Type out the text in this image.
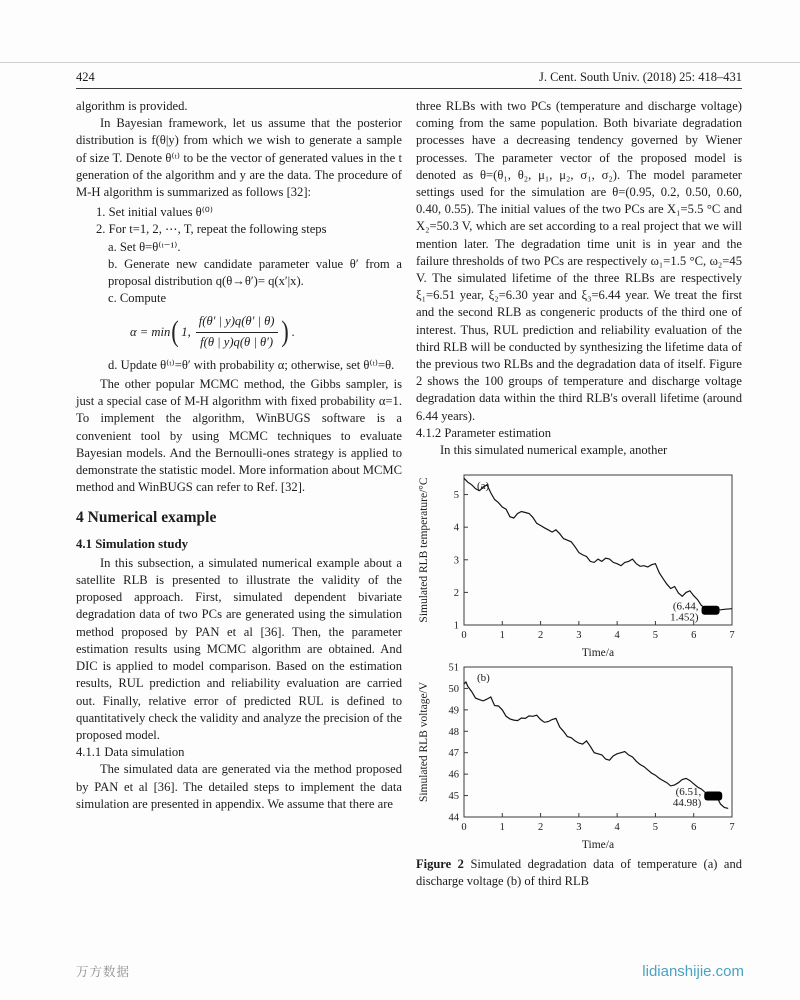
424	J. Cent. South Univ. (2018) 25: 418–431

algorithm is provided.

In Bayesian framework, let us assume that the posterior distribution is f(θ|y) from which we wish to generate a sample of size T. Denote θ⁽ᵗ⁾ to be the vector of generated values in the t generation of the algorithm and y are the data. The procedure of M-H algorithm is summarized as follows [32]:

1. Set initial values θ⁽⁰⁾
2. For t=1, 2, ⋯, T, repeat the following steps
a. Set θ=θ⁽ᵗ⁻¹⁾.
b. Generate new candidate parameter value θ′ from a proposal distribution q(θ→θ′)= q(x′|x).
c. Compute
α = min ( 1, $\frac{f(\theta' | y)q(\theta' | \theta)}{f(\theta | y)q(\theta | \theta')}$ ) .
d. Update θ⁽ᵗ⁾=θ′ with probability α; otherwise, set θ⁽ᵗ⁾=θ.

The other popular MCMC method, the Gibbs sampler, is just a special case of M-H algorithm with fixed probability α=1. To implement the algorithm, WinBUGS software is a convenient tool by using MCMC techniques to evaluate Bayesian models. And the Bernoulli-ones strategy is applied to demonstrate the statistic model. More information about MCMC method and WinBUGS can refer to Ref. [32].

4 Numerical example
4.1 Simulation study

In this subsection, a simulated numerical example about a satellite RLB is presented to illustrate the validity of the proposed approach. First, simulated dependent bivariate degradation data of two PCs are generated using the simulation method proposed by PAN et al [36]. Then, the parameter estimation results using MCMC algorithm are obtained. And DIC is applied to model comparison. Based on the estimation results, RUL prediction and reliability evaluation are carried out. Finally, relative error of predicted RUL is defined to quantitatively check the validity and analyze the precision of the proposed model.

4.1.1 Data simulation

The simulated data are generated via the method proposed by PAN et al [36]. The detailed steps to implement the data simulation are presented in appendix. We assume that there are

three RLBs with two PCs (temperature and discharge voltage) coming from the same population. Both bivariate degradation processes have a decreasing tendency governed by Wiener processes. The parameter vector of the proposed model is denoted as θ=(θ₁, θ₂, μ₁, μ₂, σ₁, σ₂). The model parameter settings used for the simulation are θ=(0.95, 0.2, 0.50, 0.60, 0.40, 0.55). The initial values of the two PCs are X₁=5.5 °C and X₂=50.3 V, which are set according to a real project that we will mention later. The degradation time unit is in year and the failure thresholds of two PCs are respectively ω₁=1.5 °C, ω₂=45 V. The simulated lifetime of the three RLBs are respectively ξ₁=6.51 year, ξ₂=6.30 year and ξ₃=6.44 year. We treat the first and the second RLB as congeneric products of the third one of interest. Thus, RUL prediction and reliability evaluation of the third RLB will be conducted by synthesizing the lifetime data of the previous two RLBs and the degradation data of itself. Figure 2 shows the 100 groups of temperature and discharge voltage degradation data within the third RLB's overall lifetime (around 6.44 years).

4.1.2 Parameter estimation

In this simulated numerical example, another

0	1	2	3	4	5	6	7
1
2
3
4
5
(6.44,
1.452)
(a)
Time/a
Simulated RLB temperature/°C
0	1	2	3	4	5	6	7
44
45
46
47
48
49
50
51
(6.51,
44.98)
(b)
Time/a
Simulated RLB voltage/V

Figure 2 Simulated degradation data of temperature (a) and discharge voltage (b) of third RLB

万方数据	lidianshijie.com
